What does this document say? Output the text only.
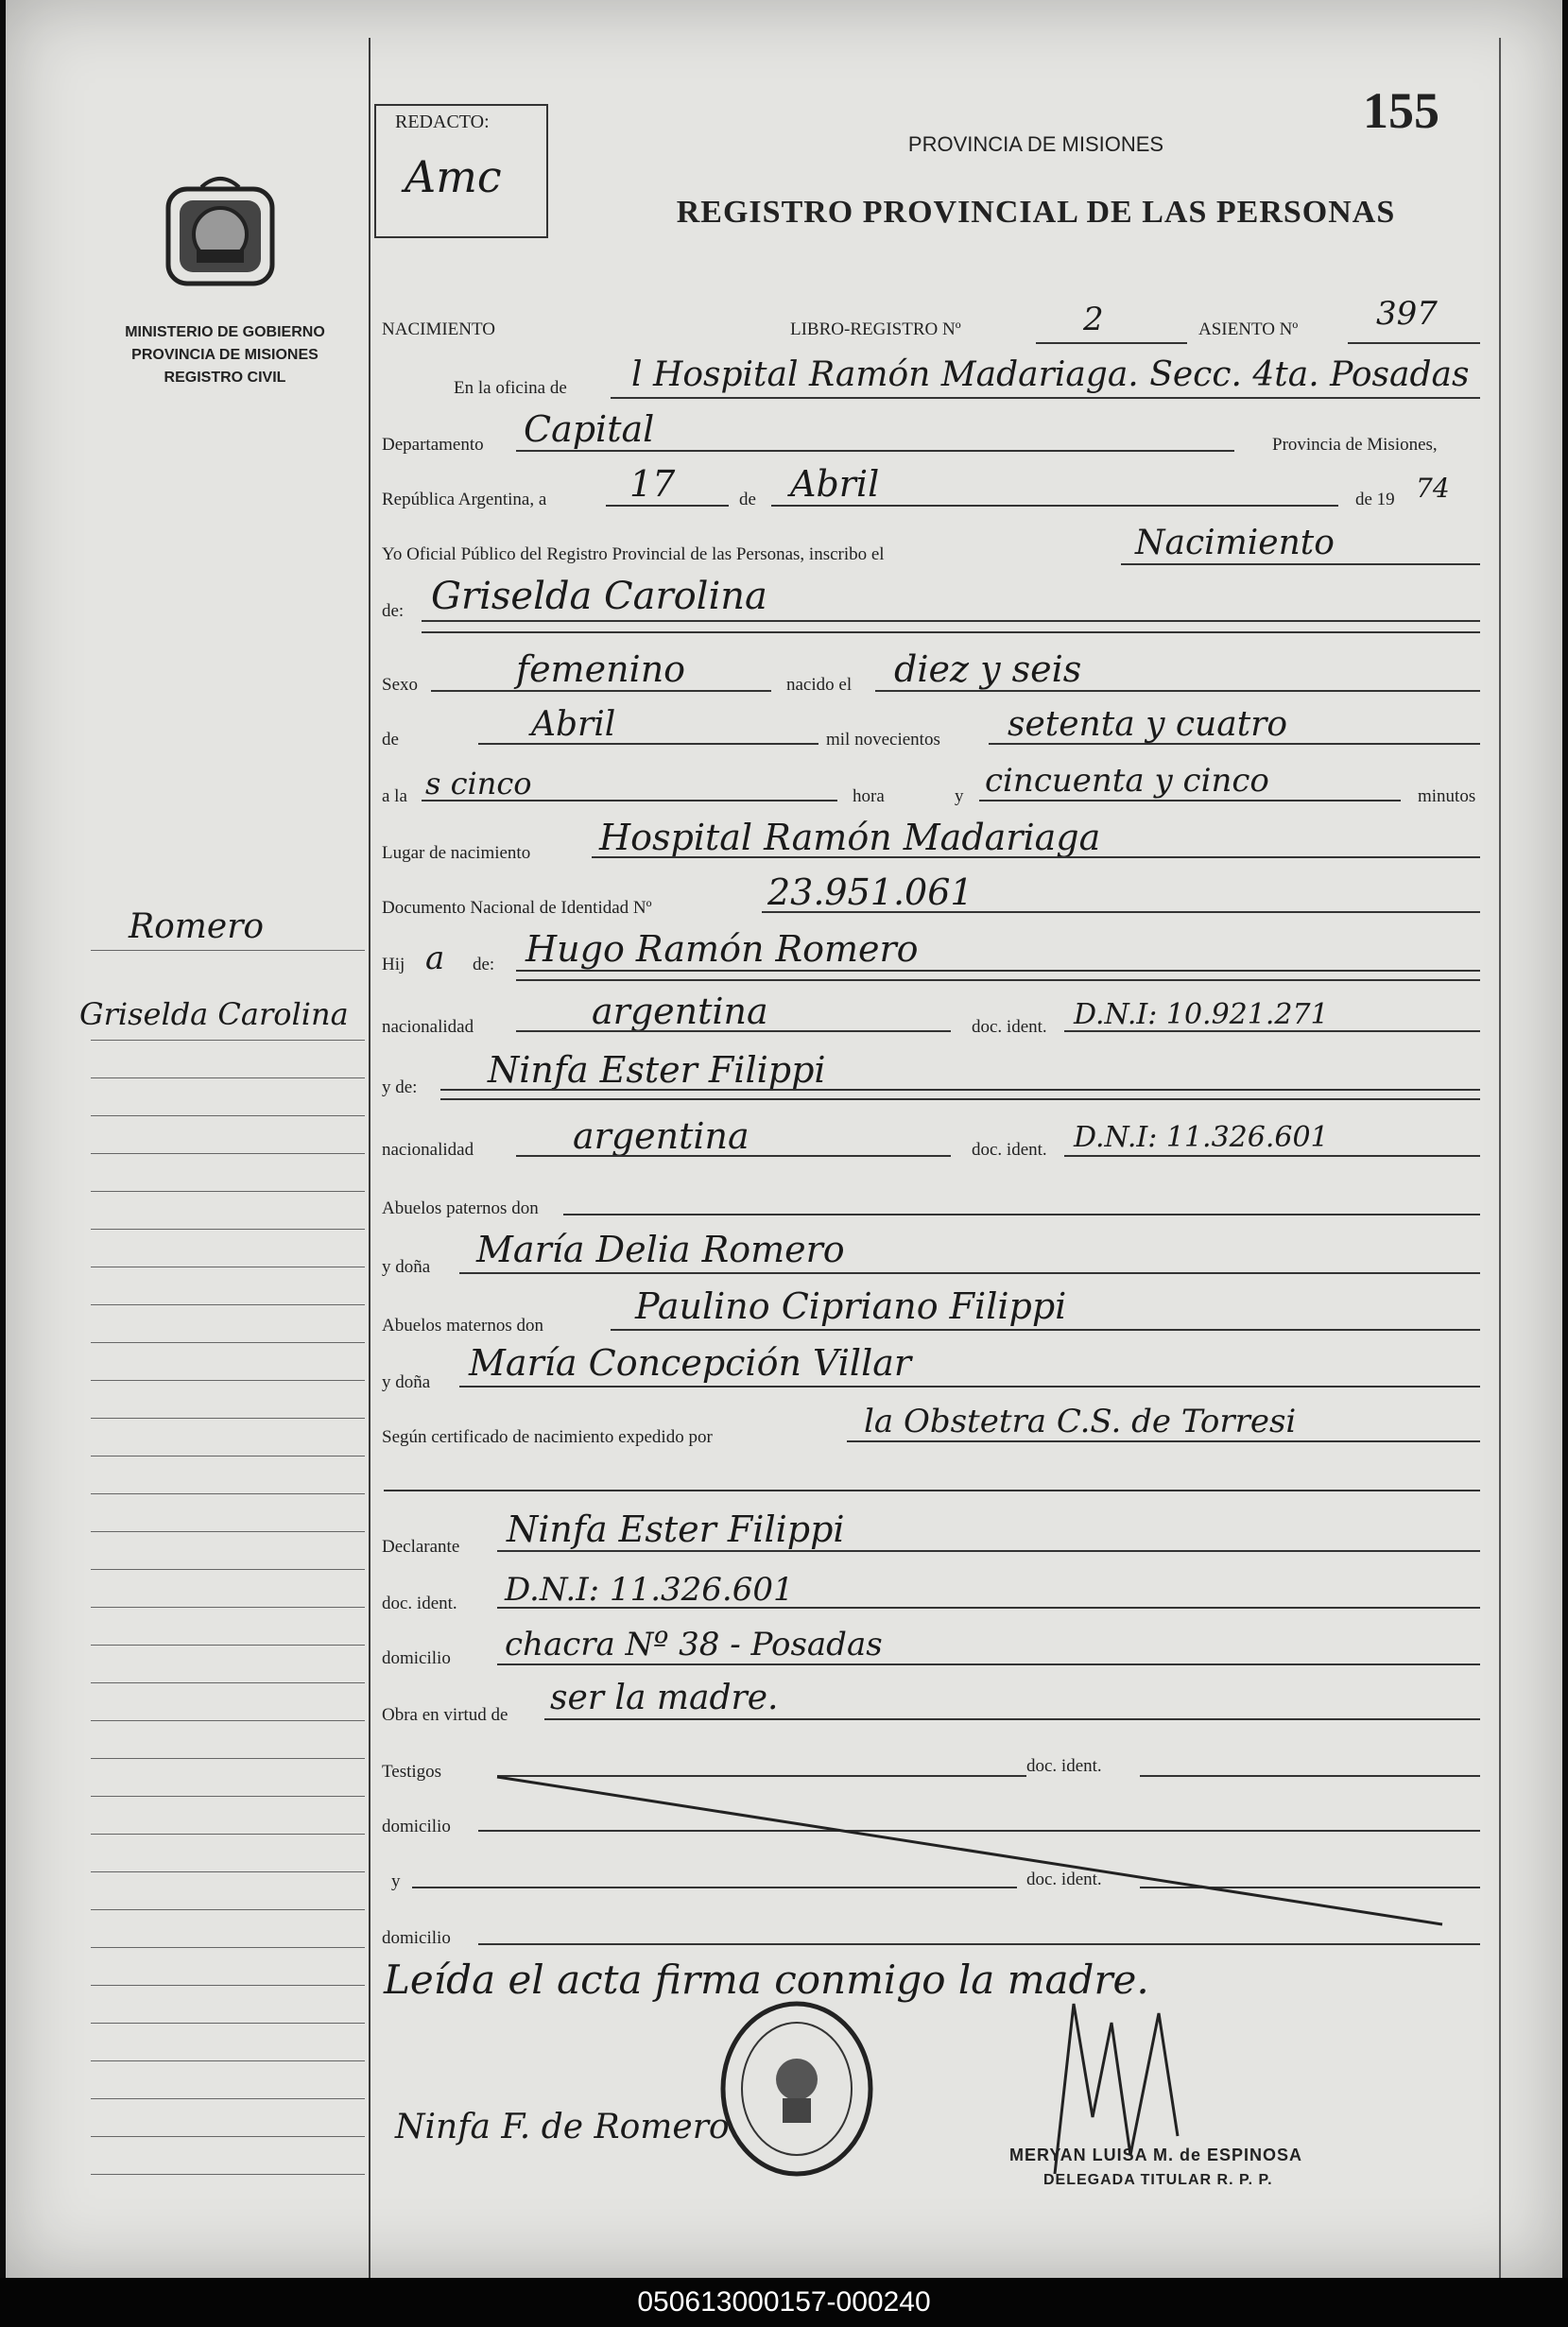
MINISTERIO DE GOBIERNO
PROVINCIA DE MISIONES
REGISTRO CIVIL
REDACTO:
Amc
155
PROVINCIA DE MISIONES
REGISTRO PROVINCIAL DE LAS PERSONAS
Romero
Griselda Carolina
NACIMIENTO	LIBRO-REGISTRO Nº	2	ASIENTO Nº 397
En la oficina de l Hospital Ramón Madariaga. Secc. 4ta. Posadas
Departamento Capital	Provincia de Misiones,
República Argentina, a 17	de Abril	de 19 74
Yo Oficial Público del Registro Provincial de las Personas, inscribo el	Nacimiento
de: Griselda Carolina
Sexo	femenino	nacido el diez y seis
de	Abril	mil novecientos setenta y cuatro
a la s cinco	hora	y cincuenta y cinco	minutos
Lugar de nacimiento Hospital Ramón Madariaga
Documento Nacional de Identidad Nº	23.951.061
Hij a de: Hugo Ramón Romero
nacionalidad	argentina	doc. ident. D.N.I: 10.921.271
y de: Ninfa Ester Filippi
nacionalidad	argentina	doc. ident. D.N.I: 11.326.601
Abuelos paternos don
y doña María Delia Romero
Abuelos maternos don	Paulino Cipriano Filippi
y doña María Concepción Villar
Según certificado de nacimiento expedido por	la Obstetra C.S. de Torresi
Declarante Ninfa Ester Filippi
doc. ident. D.N.I: 11.326.601
domicilio chacra Nº 38 - Posadas
Obra en virtud de ser la madre.
Testigos	doc. ident.
domicilio
y	doc. ident.
domicilio
Leída el acta firma conmigo la madre.
Ninfa F. de Romero
MERYAN LUISA M. de ESPINOSA
DELEGADA TITULAR R. P. P.
050613000157-000240
